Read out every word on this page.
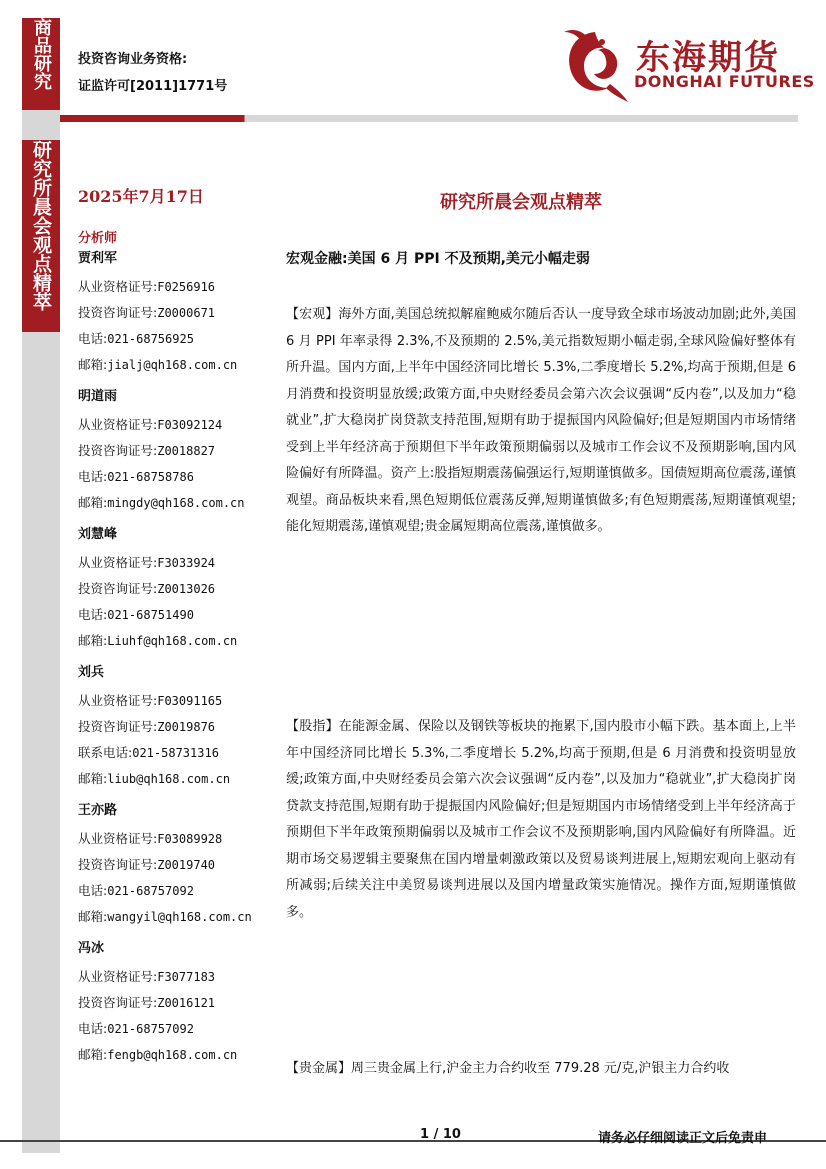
商品研究
研究所晨会观点精萃
投资咨询业务资格:
证监许可[2011]1771号
东海期货
DONGHAI FUTURES
2025年7月17日	研究所晨会观点精萃
分析师
贾利军
从业资格证号:F0256916
投资咨询证号:Z0000671
电话:021-68756925
邮箱:jialj@qh168.com.cn
明道雨
从业资格证号:F03092124
投资咨询证号:Z0018827
电话:021-68758786
邮箱:mingdy@qh168.com.cn
刘慧峰
从业资格证号:F3033924
投资咨询证号:Z0013026
电话:021-68751490
邮箱:Liuhf@qh168.com.cn
刘兵
从业资格证号:F03091165
投资咨询证号:Z0019876
联系电话:021-58731316
邮箱:liub@qh168.com.cn
王亦路
从业资格证号:F03089928
投资咨询证号:Z0019740
电话:021-68757092
邮箱:wangyil@qh168.com.cn
冯冰
从业资格证号:F3077183
投资咨询证号:Z0016121
电话:021-68757092
邮箱:fengb@qh168.com.cn
宏观金融:美国 6 月 PPI 不及预期,美元小幅走弱

【宏观】海外方面,美国总统拟解雇鲍威尔随后否认一度导致全球市场波动加剧;此外,美国 6 月 PPI 年率录得 2.3%,不及预期的 2.5%,美元指数短期小幅走弱,全球风险偏好整体有所升温。国内方面,上半年中国经济同比增长 5.3%,二季度增长 5.2%,均高于预期,但是 6 月消费和投资明显放缓;政策方面,中央财经委员会第六次会议强调“反内卷”,以及加力“稳就业”,扩大稳岗扩岗贷款支持范围,短期有助于提振国内风险偏好;但是短期国内市场情绪受到上半年经济高于预期但下半年政策预期偏弱以及城市工作会议不及预期影响,国内风险偏好有所降温。资产上:股指短期震荡偏强运行,短期谨慎做多。国债短期高位震荡,谨慎观望。商品板块来看,黑色短期低位震荡反弹,短期谨慎做多;有色短期震荡,短期谨慎观望;能化短期震荡,谨慎观望;贵金属短期高位震荡,谨慎做多。

【股指】在能源金属、保险以及钢铁等板块的拖累下,国内股市小幅下跌。基本面上,上半年中国经济同比增长 5.3%,二季度增长 5.2%,均高于预期,但是 6 月消费和投资明显放缓;政策方面,中央财经委员会第六次会议强调“反内卷”,以及加力“稳就业”,扩大稳岗扩岗贷款支持范围,短期有助于提振国内风险偏好;但是短期国内市场情绪受到上半年经济高于预期但下半年政策预期偏弱以及城市工作会议不及预期影响,国内风险偏好有所降温。近期市场交易逻辑主要聚焦在国内增量刺激政策以及贸易谈判进展上,短期宏观向上驱动有所减弱;后续关注中美贸易谈判进展以及国内增量政策实施情况。操作方面,短期谨慎做多。

【贵金属】周三贵金属上行,沪金主力合约收至 779.28 元/克,沪银主力合约收

1 / 10	请务必仔细阅读正文后免责申
